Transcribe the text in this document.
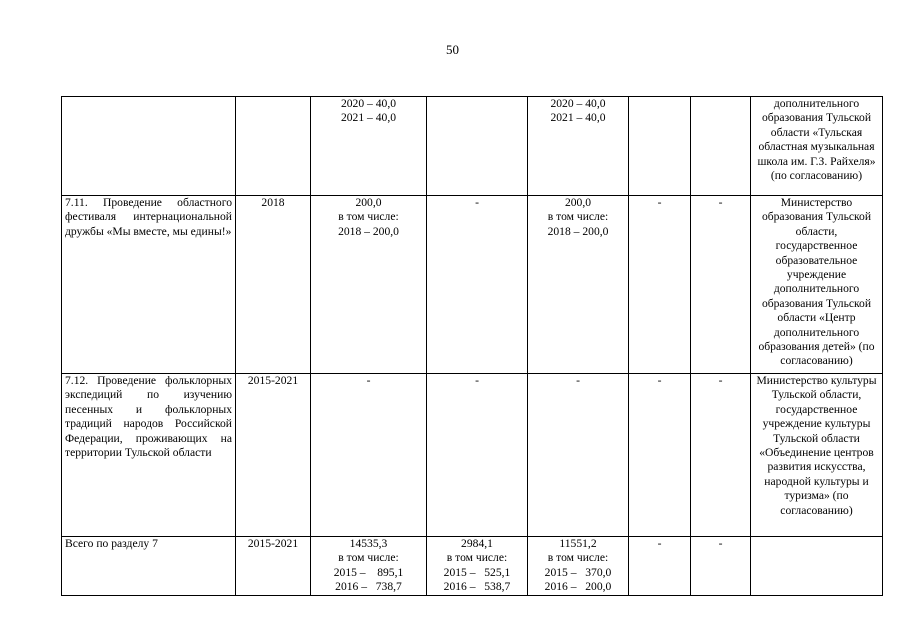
50

		2020 – 40,0
2021 – 40,0		2020 – 40,0
2021 – 40,0			дополнительного образования Тульской области «Тульская областная музыкальная школа им. Г.З. Райхеля» (по согласованию)
7.11. Проведение областного фестиваля интернациональной дружбы «Мы вместе, мы едины!»	2018	200,0
в том числе:
2018 – 200,0	-	200,0
в том числе:
2018 – 200,0	-	-	Министерство образования Тульской области, государственное образовательное учреждение дополнительного образования Тульской области «Центр дополнительного образования детей» (по согласованию)
7.12. Проведение фольклорных экспедиций по изучению песенных и фольклорных традиций народов Российской Федерации, проживающих на территории Тульской области	2015-2021	-	-	-	-	-	Министерство культуры Тульской области, государственное учреждение культуры Тульской области «Объединение центров развития искусства, народной культуры и туризма» (по согласованию)
Всего по разделу 7	2015-2021	14535,3
в том числе:
2015 –    895,1
2016 –   738,7	2984,1
в том числе:
2015 –   525,1
2016 –   538,7	11551,2
в том числе:
2015 –   370,0
2016 –   200,0	-	-	
